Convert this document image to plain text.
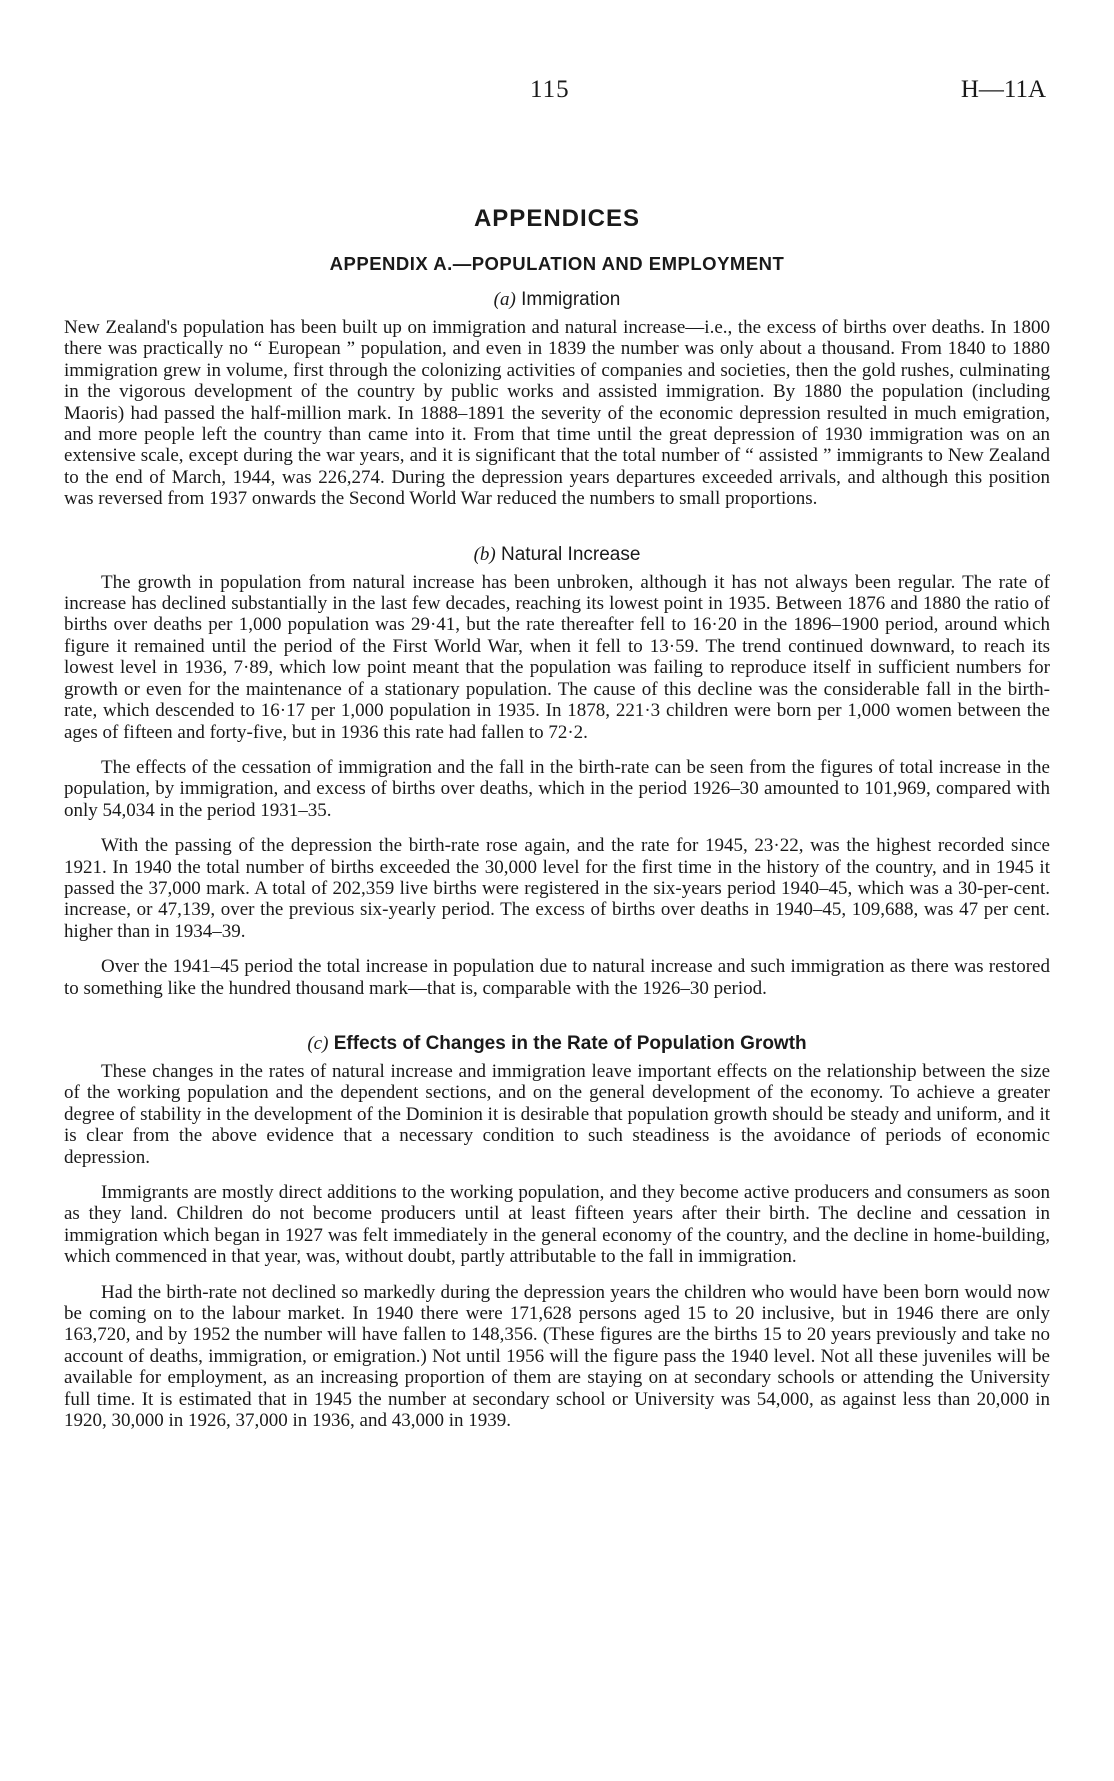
115	H—11A
APPENDICES
APPENDIX A.—POPULATION AND EMPLOYMENT
(a) Immigration

New Zealand's population has been built up on immigration and natural increase—i.e., the excess of births over deaths. In 1800 there was practically no “ European ” population, and even in 1839 the number was only about a thousand. From 1840 to 1880 immigration grew in volume, first through the colonizing activities of companies and societies, then the gold rushes, culminating in the vigorous development of the country by public works and assisted immigration. By 1880 the population (including Maoris) had passed the half-million mark. In 1888–1891 the severity of the economic depression resulted in much emigration, and more people left the country than came into it. From that time until the great depression of 1930 immigration was on an extensive scale, except during the war years, and it is significant that the total number of “ assisted ” immigrants to New Zealand to the end of March, 1944, was 226,274. During the depression years departures exceeded arrivals, and although this position was reversed from 1937 onwards the Second World War reduced the numbers to small proportions.

(b) Natural Increase

The growth in population from natural increase has been unbroken, although it has not always been regular. The rate of increase has declined substantially in the last few decades, reaching its lowest point in 1935. Between 1876 and 1880 the ratio of births over deaths per 1,000 population was 29·41, but the rate thereafter fell to 16·20 in the 1896–1900 period, around which figure it remained until the period of the First World War, when it fell to 13·59. The trend continued downward, to reach its lowest level in 1936, 7·89, which low point meant that the population was failing to reproduce itself in sufficient numbers for growth or even for the maintenance of a stationary population. The cause of this decline was the considerable fall in the birth-rate, which descended to 16·17 per 1,000 population in 1935. In 1878, 221·3 children were born per 1,000 women between the ages of fifteen and forty-five, but in 1936 this rate had fallen to 72·2.

The effects of the cessation of immigration and the fall in the birth-rate can be seen from the figures of total increase in the population, by immigration, and excess of births over deaths, which in the period 1926–30 amounted to 101,969, compared with only 54,034 in the period 1931–35.

With the passing of the depression the birth-rate rose again, and the rate for 1945, 23·22, was the highest recorded since 1921. In 1940 the total number of births exceeded the 30,000 level for the first time in the history of the country, and in 1945 it passed the 37,000 mark. A total of 202,359 live births were registered in the six-years period 1940–45, which was a 30-per-cent. increase, or 47,139, over the previous six-yearly period. The excess of births over deaths in 1940–45, 109,688, was 47 per cent. higher than in 1934–39.

Over the 1941–45 period the total increase in population due to natural increase and such immigration as there was restored to something like the hundred thousand mark—that is, comparable with the 1926–30 period.

(c) Effects of Changes in the Rate of Population Growth

These changes in the rates of natural increase and immigration leave important effects on the relationship between the size of the working population and the dependent sections, and on the general development of the economy. To achieve a greater degree of stability in the development of the Dominion it is desirable that population growth should be steady and uniform, and it is clear from the above evidence that a necessary condition to such steadiness is the avoidance of periods of economic depression.

Immigrants are mostly direct additions to the working population, and they become active producers and consumers as soon as they land. Children do not become producers until at least fifteen years after their birth. The decline and cessation in immigration which began in 1927 was felt immediately in the general economy of the country, and the decline in home-building, which commenced in that year, was, without doubt, partly attributable to the fall in immigration.

Had the birth-rate not declined so markedly during the depression years the children who would have been born would now be coming on to the labour market. In 1940 there were 171,628 persons aged 15 to 20 inclusive, but in 1946 there are only 163,720, and by 1952 the number will have fallen to 148,356. (These figures are the births 15 to 20 years previously and take no account of deaths, immigration, or emigration.) Not until 1956 will the figure pass the 1940 level. Not all these juveniles will be available for employment, as an increasing proportion of them are staying on at secondary schools or attending the University full time. It is estimated that in 1945 the number at secondary school or University was 54,000, as against less than 20,000 in 1920, 30,000 in 1926, 37,000 in 1936, and 43,000 in 1939.
